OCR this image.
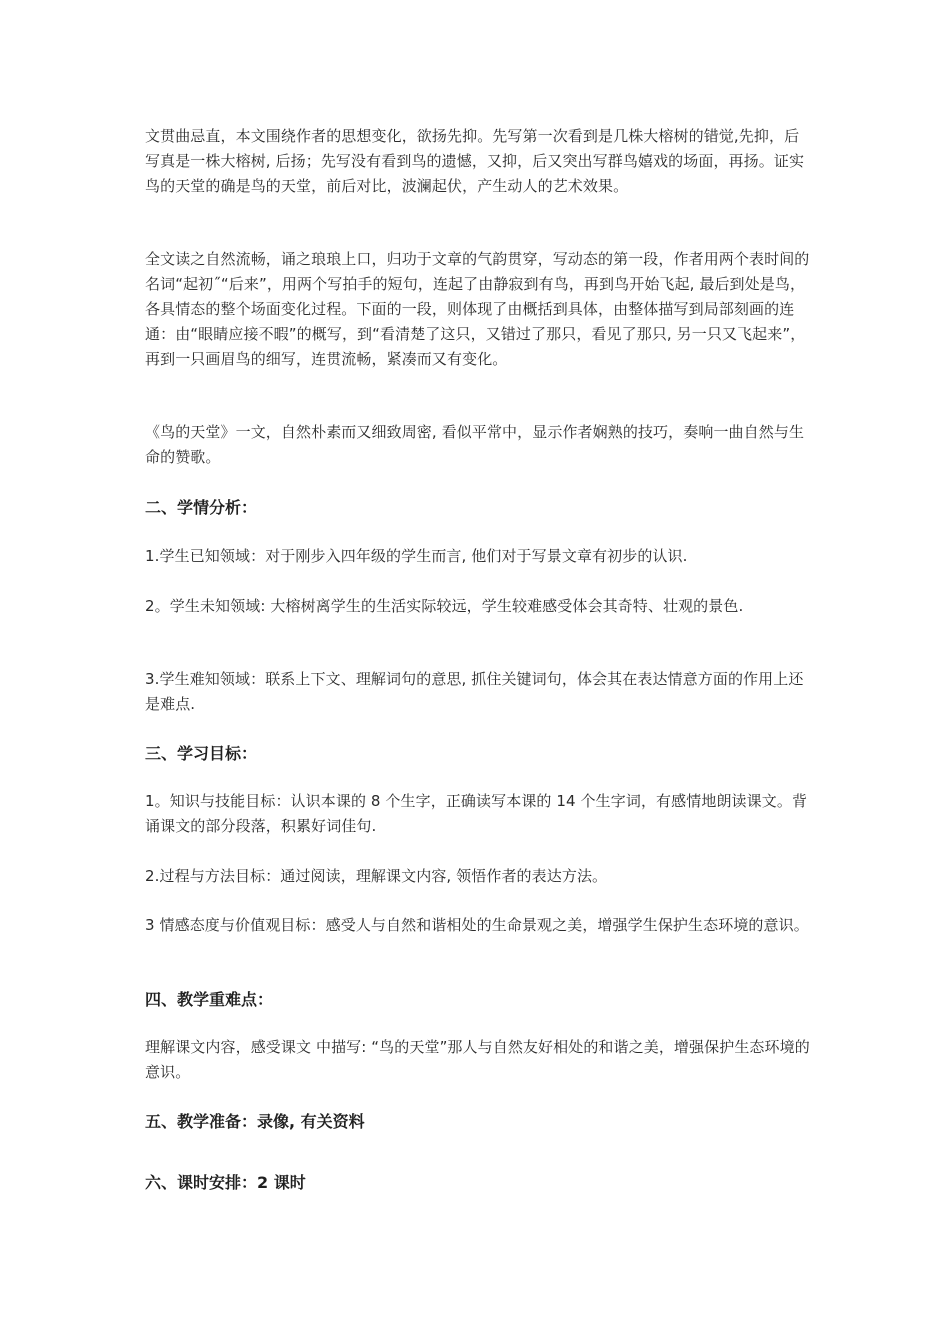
文贯曲忌直，本文围绕作者的思想变化，欲扬先抑。先写第一次看到是几株大榕树的错觉,先抑，后写真是一株大榕树, 后扬；先写没有看到鸟的遗憾，又抑，后又突出写群鸟嬉戏的场面，再扬。证实鸟的天堂的确是鸟的天堂，前后对比，波澜起伏，产生动人的艺术效果。

全文读之自然流畅，诵之琅琅上口，归功于文章的气韵贯穿，写动态的第一段，作者用两个表时间的名词“起初˝“后来”，用两个写拍手的短句，连起了由静寂到有鸟，再到鸟开始飞起, 最后到处是鸟，各具情态的整个场面变化过程。下面的一段，则体现了由概括到具体，由整体描写到局部刻画的连通：由“眼睛应接不暇”的概写，到“看清楚了这只，又错过了那只，看见了那只, 另一只又飞起来”，再到一只画眉鸟的细写，连贯流畅，紧凑而又有变化。

《鸟的天堂》一文，自然朴素而又细致周密, 看似平常中，显示作者娴熟的技巧，奏响一曲自然与生命的赞歌。

二、学情分析：

1.学生已知领域：对于刚步入四年级的学生而言, 他们对于写景文章有初步的认识.

2。学生未知领域: 大榕树离学生的生活实际较远，学生较难感受体会其奇特、壮观的景色.

3.学生难知领域：联系上下文、理解词句的意思, 抓住关键词句，体会其在表达情意方面的作用上还是难点.

三、学习目标：

1。知识与技能目标：认识本课的 8 个生字，正确读写本课的 14 个生字词，有感情地朗读课文。背诵课文的部分段落，积累好词佳句.

2.过程与方法目标：通过阅读，理解课文内容, 领悟作者的表达方法。

3 情感态度与价值观目标：感受人与自然和谐相处的生命景观之美，增强学生保护生态环境的意识。

四、教学重难点：

理解课文内容，感受课文 中描写: “鸟的天堂”那人与自然友好相处的和谐之美，增强保护生态环境的意识。

五、教学准备：录像, 有关资料
六、课时安排：2 课时
